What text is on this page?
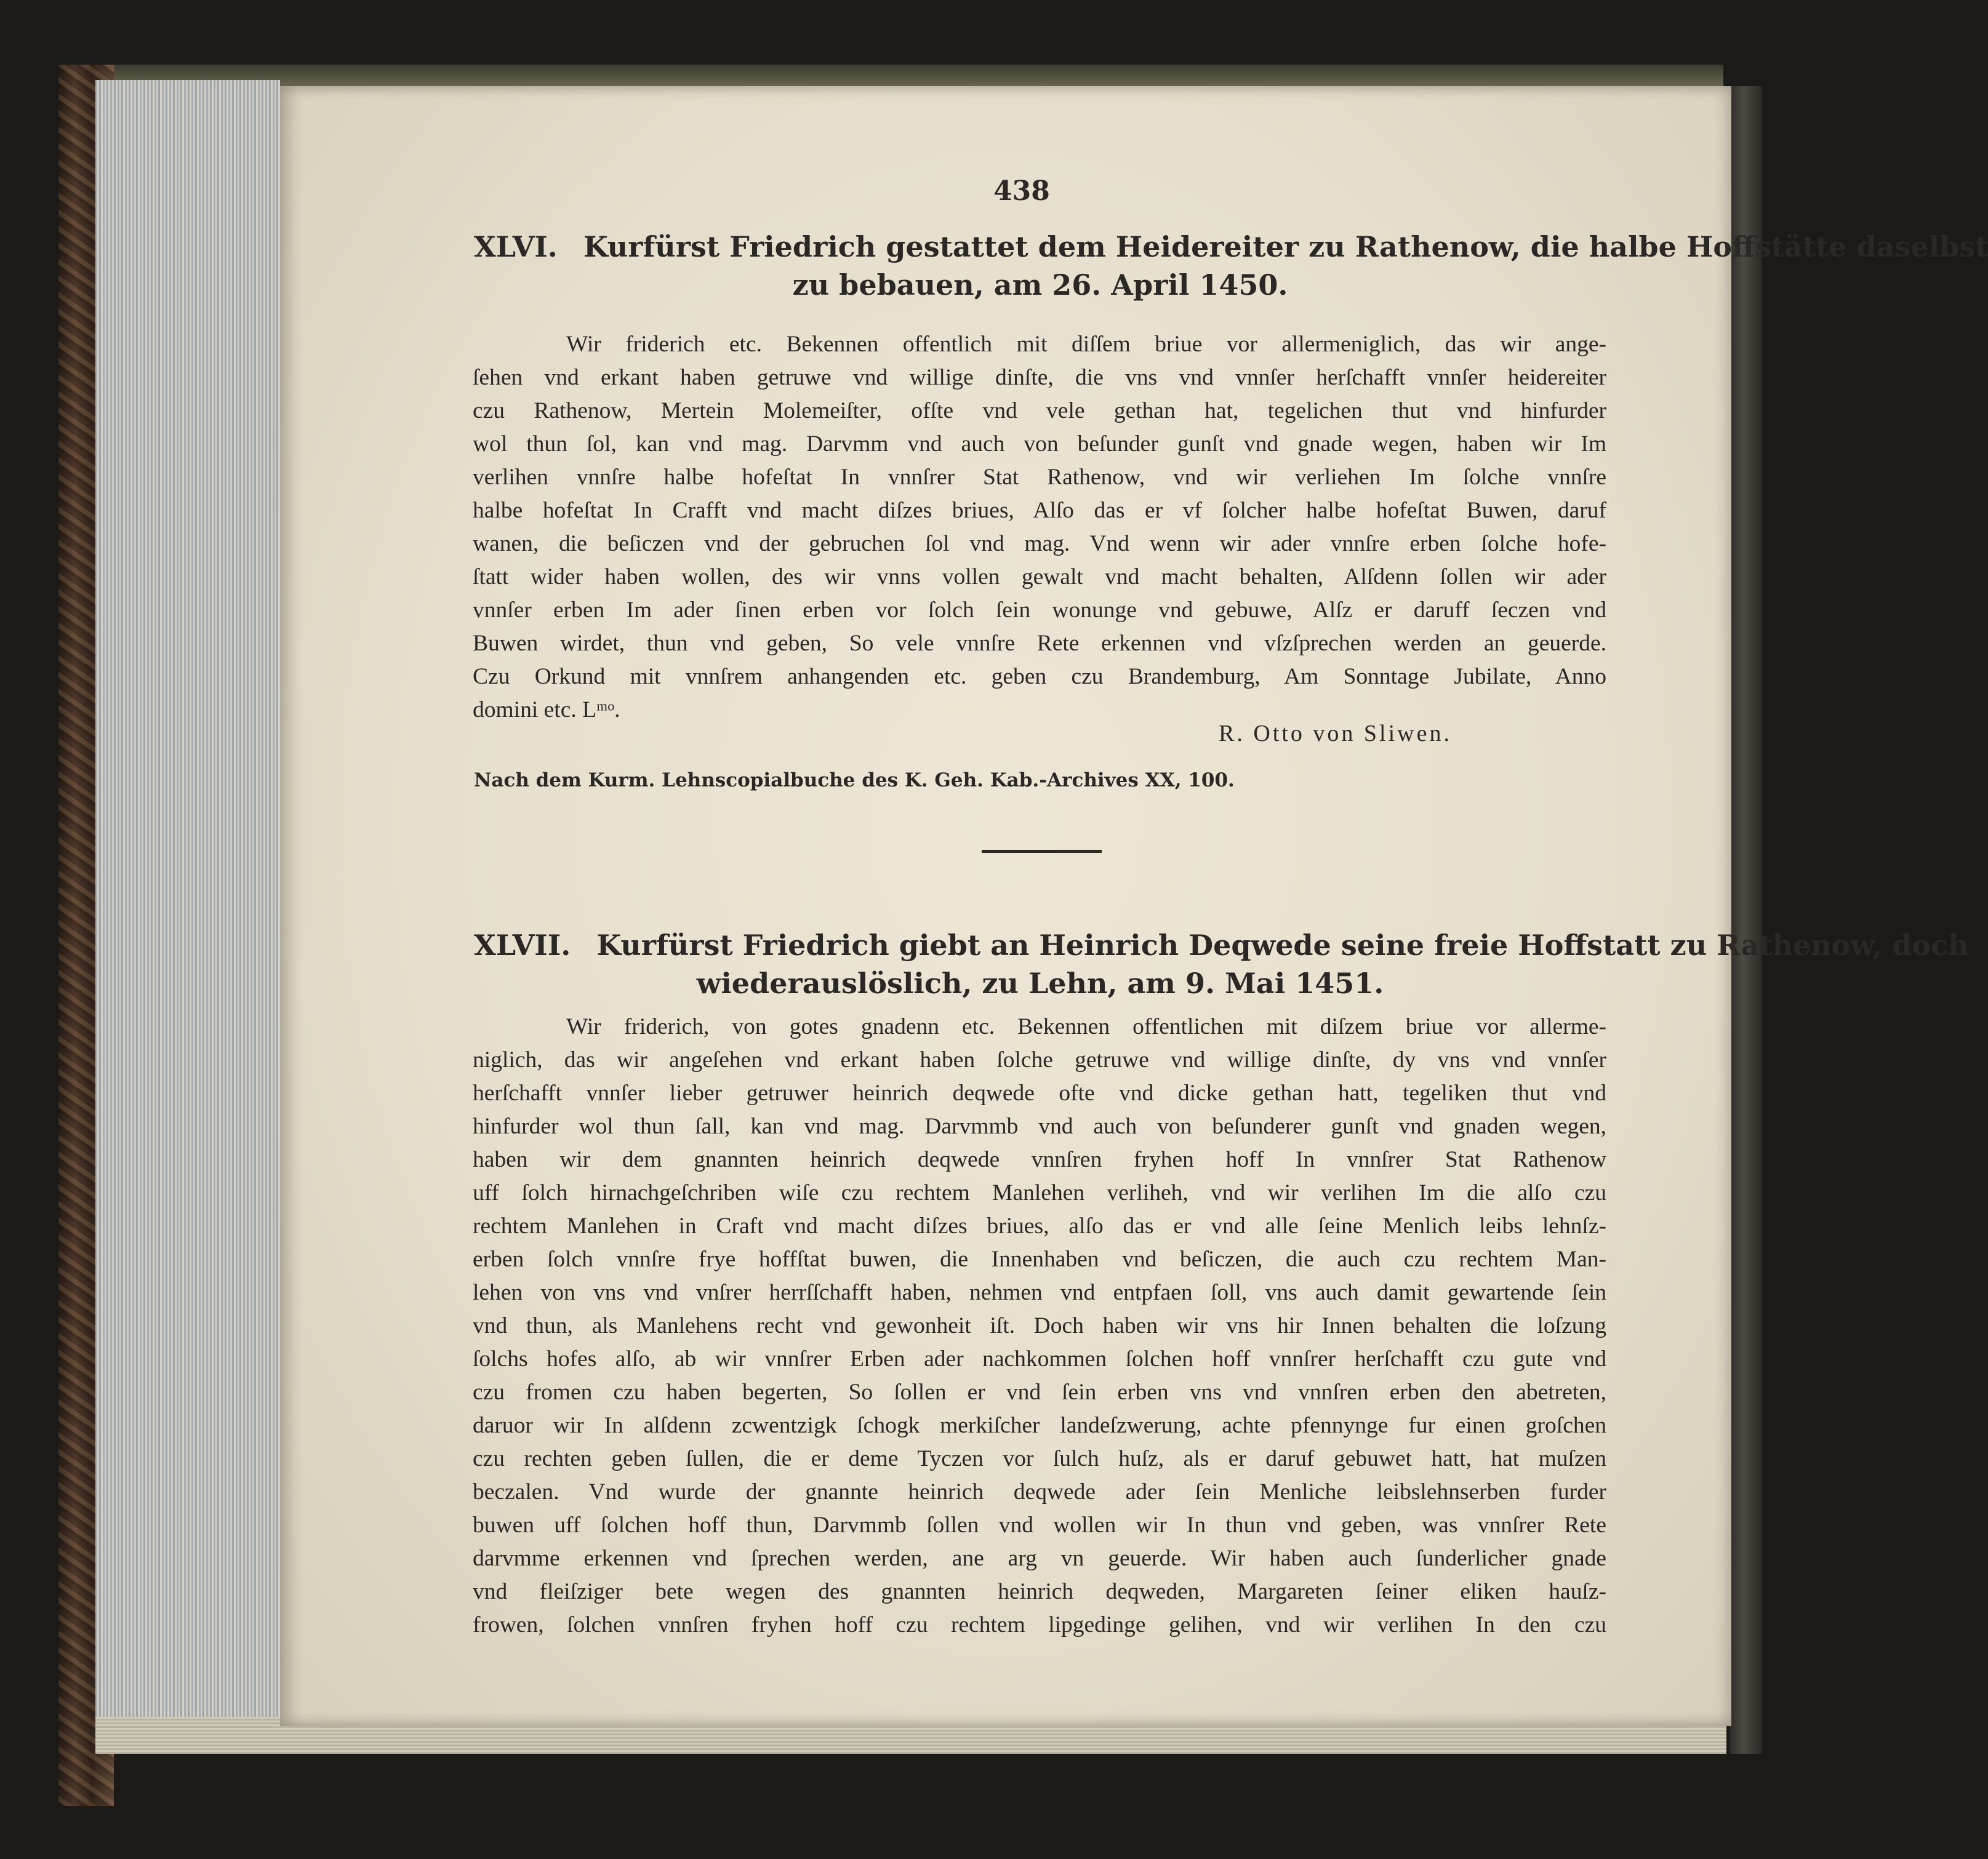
438
XLVI. Kurfürst Friedrich gestattet dem Heidereiter zu Rathenow, die halbe Hoffstätte daselbst
zu bebauen, am 26. April 1450.
Wir friderich etc. Bekennen offentlich mit diſſem briue vor allermeniglich, das wir ange-
ſehen vnd erkant haben getruwe vnd willige dinſte, die vns vnd vnnſer herſchafft vnnſer heidereiter
czu Rathenow, Mertein Molemeiſter, ofſte vnd vele gethan hat, tegelichen thut vnd hinfurder
wol thun ſol, kan vnd mag. Darvmm vnd auch von beſunder gunſt vnd gnade wegen, haben wir Im
verlihen vnnſre halbe hofeſtat In vnnſrer Stat Rathenow, vnd wir verliehen Im ſolche vnnſre
halbe hofeſtat In Crafft vnd macht diſzes briues, Alſo das er vf ſolcher halbe hofeſtat Buwen, daruf
wanen, die beſiczen vnd der gebruchen ſol vnd mag. Vnd wenn wir ader vnnſre erben ſolche hofe-
ſtatt wider haben wollen, des wir vnns vollen gewalt vnd macht behalten, Alſdenn ſollen wir ader
vnnſer erben Im ader ſinen erben vor ſolch ſein wonunge vnd gebuwe, Alſz er daruff ſeczen vnd
Buwen wirdet, thun vnd geben, So vele vnnſre Rete erkennen vnd vſzſprechen werden an geuerde.
Czu Orkund mit vnnſrem anhangenden etc. geben czu Brandemburg, Am Sonntage Jubilate, Anno
domini etc. Lᵐᵒ.
R. Otto von Sliwen.
Nach dem Kurm. Lehnscopialbuche des K. Geh. Kab.-Archives XX, 100.
XLVII. Kurfürst Friedrich giebt an Heinrich Deqwede seine freie Hoffstatt zu Rathenow, doch
wiederauslöslich, zu Lehn, am 9. Mai 1451.
Wir friderich, von gotes gnadenn etc. Bekennen offentlichen mit diſzem briue vor allerme-
niglich, das wir angeſehen vnd erkant haben ſolche getruwe vnd willige dinſte, dy vns vnd vnnſer
herſchafft vnnſer lieber getruwer heinrich deqwede ofte vnd dicke gethan hatt, tegeliken thut vnd
hinfurder wol thun ſall, kan vnd mag. Darvmmb vnd auch von beſunderer gunſt vnd gnaden wegen,
haben wir dem gnannten heinrich deqwede vnnſren fryhen hoff In vnnſrer Stat Rathenow
uff ſolch hirnachgeſchriben wiſe czu rechtem Manlehen verliheh, vnd wir verlihen Im die alſo czu
rechtem Manlehen in Craft vnd macht diſzes briues, alſo das er vnd alle ſeine Menlich leibs lehnſz-
erben ſolch vnnſre frye hoffſtat buwen, die Innenhaben vnd beſiczen, die auch czu rechtem Man-
lehen von vns vnd vnſrer herrſſchafft haben, nehmen vnd entpfaen ſoll, vns auch damit gewartende ſein
vnd thun, als Manlehens recht vnd gewonheit iſt. Doch haben wir vns hir Innen behalten die loſzung
ſolchs hofes alſo, ab wir vnnſrer Erben ader nachkommen ſolchen hoff vnnſrer herſchafft czu gute vnd
czu fromen czu haben begerten, So ſollen er vnd ſein erben vns vnd vnnſren erben den abetreten,
daruor wir In alſdenn zcwentzigk ſchogk merkiſcher landeſzwerung, achte pfennynge fur einen groſchen
czu rechten geben ſullen, die er deme Tyczen vor ſulch huſz, als er daruf gebuwet hatt, hat muſzen
beczalen. Vnd wurde der gnannte heinrich deqwede ader ſein Menliche leibslehnserben furder
buwen uff ſolchen hoff thun, Darvmmb ſollen vnd wollen wir In thun vnd geben, was vnnſrer Rete
darvmme erkennen vnd ſprechen werden, ane arg vn geuerde. Wir haben auch ſunderlicher gnade
vnd fleiſziger bete wegen des gnannten heinrich deqweden, Margareten ſeiner eliken hauſz-
frowen, ſolchen vnnſren fryhen hoff czu rechtem lipgedinge gelihen, vnd wir verlihen In den czu
